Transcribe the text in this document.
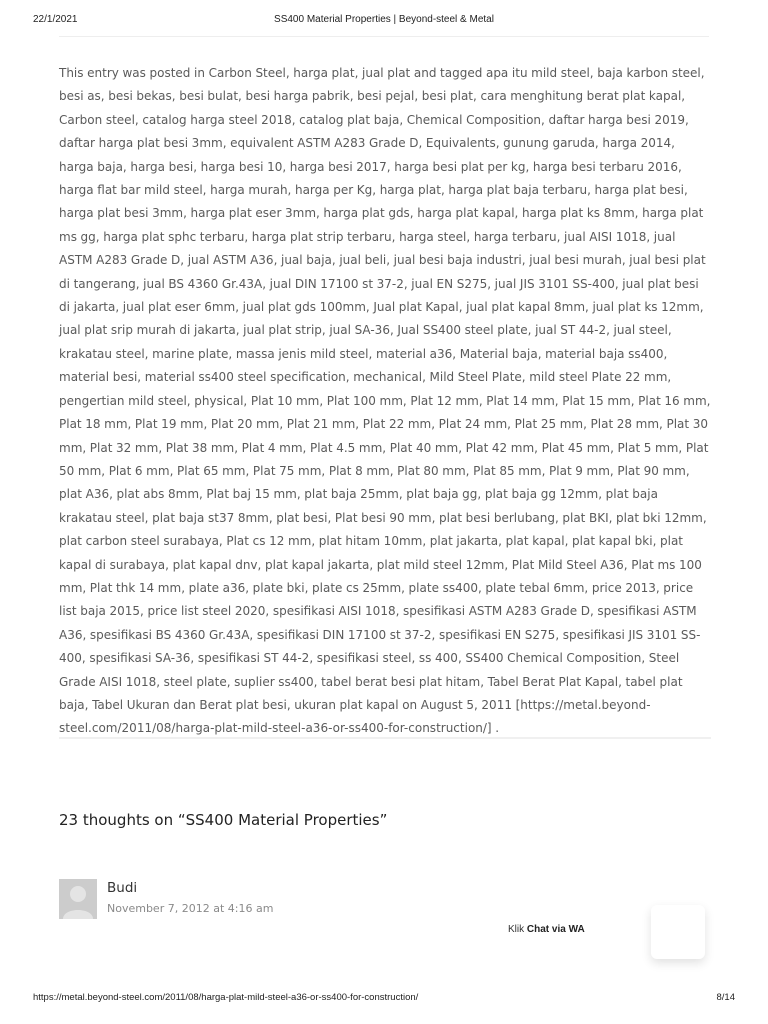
22/1/2021	SS400 Material Properties | Beyond-steel & Metal

This entry was posted in Carbon Steel, harga plat, jual plat and tagged apa itu mild steel, baja karbon steel, besi as, besi bekas, besi bulat, besi harga pabrik, besi pejal, besi plat, cara menghitung berat plat kapal, Carbon steel, catalog harga steel 2018, catalog plat baja, Chemical Composition, daftar harga besi 2019, daftar harga plat besi 3mm, equivalent ASTM A283 Grade D, Equivalents, gunung garuda, harga 2014, harga baja, harga besi, harga besi 10, harga besi 2017, harga besi plat per kg, harga besi terbaru 2016, harga flat bar mild steel, harga murah, harga per Kg, harga plat, harga plat baja terbaru, harga plat besi, harga plat besi 3mm, harga plat eser 3mm, harga plat gds, harga plat kapal, harga plat ks 8mm, harga plat ms gg, harga plat sphc terbaru, harga plat strip terbaru, harga steel, harga terbaru, jual AISI 1018, jual ASTM A283 Grade D, jual ASTM A36, jual baja, jual beli, jual besi baja industri, jual besi murah, jual besi plat di tangerang, jual BS 4360 Gr.43A, jual DIN 17100 st 37-2, jual EN S275, jual JIS 3101 SS-400, jual plat besi di jakarta, jual plat eser 6mm, jual plat gds 100mm, Jual plat Kapal, jual plat kapal 8mm, jual plat ks 12mm, jual plat srip murah di jakarta, jual plat strip, jual SA-36, Jual SS400 steel plate, jual ST 44-2, jual steel, krakatau steel, marine plate, massa jenis mild steel, material a36, Material baja, material baja ss400, material besi, material ss400 steel specification, mechanical, Mild Steel Plate, mild steel Plate 22 mm, pengertian mild steel, physical, Plat 10 mm, Plat 100 mm, Plat 12 mm, Plat 14 mm, Plat 15 mm, Plat 16 mm, Plat 18 mm, Plat 19 mm, Plat 20 mm, Plat 21 mm, Plat 22 mm, Plat 24 mm, Plat 25 mm, Plat 28 mm, Plat 30 mm, Plat 32 mm, Plat 38 mm, Plat 4 mm, Plat 4.5 mm, Plat 40 mm, Plat 42 mm, Plat 45 mm, Plat 5 mm, Plat 50 mm, Plat 6 mm, Plat 65 mm, Plat 75 mm, Plat 8 mm, Plat 80 mm, Plat 85 mm, Plat 9 mm, Plat 90 mm, plat A36, plat abs 8mm, Plat baj 15 mm, plat baja 25mm, plat baja gg, plat baja gg 12mm, plat baja krakatau steel, plat baja st37 8mm, plat besi, Plat besi 90 mm, plat besi berlubang, plat BKI, plat bki 12mm, plat carbon steel surabaya, Plat cs 12 mm, plat hitam 10mm, plat jakarta, plat kapal, plat kapal bki, plat kapal di surabaya, plat kapal dnv, plat kapal jakarta, plat mild steel 12mm, Plat Mild Steel A36, Plat ms 100 mm, Plat thk 14 mm, plate a36, plate bki, plate cs 25mm, plate ss400, plate tebal 6mm, price 2013, price list baja 2015, price list steel 2020, spesifikasi AISI 1018, spesifikasi ASTM A283 Grade D, spesifikasi ASTM A36, spesifikasi BS 4360 Gr.43A, spesifikasi DIN 17100 st 37-2, spesifikasi EN S275, spesifikasi JIS 3101 SS-400, spesifikasi SA-36, spesifikasi ST 44-2, spesifikasi steel, ss 400, SS400 Chemical Composition, Steel Grade AISI 1018, steel plate, suplier ss400, tabel berat besi plat hitam, Tabel Berat Plat Kapal, tabel plat baja, Tabel Ukuran dan Berat plat besi, ukuran plat kapal on August 5, 2011 [https://metal.beyond-steel.com/2011/08/harga-plat-mild-steel-a36-or-ss400-for-construction/] .

23 thoughts on “SS400 Material Properties”
Budi
November 7, 2012 at 4:16 am
Klik Chat via WA
https://metal.beyond-steel.com/2011/08/harga-plat-mild-steel-a36-or-ss400-for-construction/	8/14
